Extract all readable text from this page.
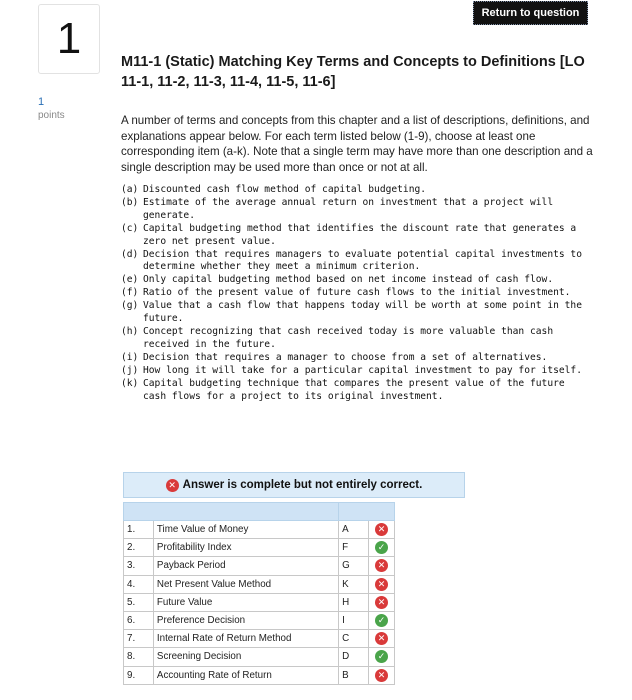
1
1
points
Return to question
M11-1 (Static) Matching Key Terms and Concepts to Definitions [LO 11-1, 11-2, 11-3, 11-4, 11-5, 11-6]
A number of terms and concepts from this chapter and a list of descriptions, definitions, and explanations appear below. For each term listed below (1-9), choose at least one corresponding item (a-k). Note that a single term may have more than one description and a single description may be used more than once or not at all.
(a) Discounted cash flow method of capital budgeting.
(b) Estimate of the average annual return on investment that a project will generate.
(c) Capital budgeting method that identifies the discount rate that generates a zero net present value.
(d) Decision that requires managers to evaluate potential capital investments to determine whether they meet a minimum criterion.
(e) Only capital budgeting method based on net income instead of cash flow.
(f) Ratio of the present value of future cash flows to the initial investment.
(g) Value that a cash flow that happens today will be worth at some point in the future.
(h) Concept recognizing that cash received today is more valuable than cash received in the future.
(i) Decision that requires a manager to choose from a set of alternatives.
(j) How long it will take for a particular capital investment to pay for itself.
(k) Capital budgeting technique that compares the present value of the future cash flows for a project to its original investment.
✕ Answer is complete but not entirely correct.

1.	Time Value of Money	A	✕
2.	Profitability Index	F	✓
3.	Payback Period	G	✕
4.	Net Present Value Method	K	✕
5.	Future Value	H	✕
6.	Preference Decision	I	✓
7.	Internal Rate of Return Method	C	✕
8.	Screening Decision	D	✓
9.	Accounting Rate of Return	B	✕
